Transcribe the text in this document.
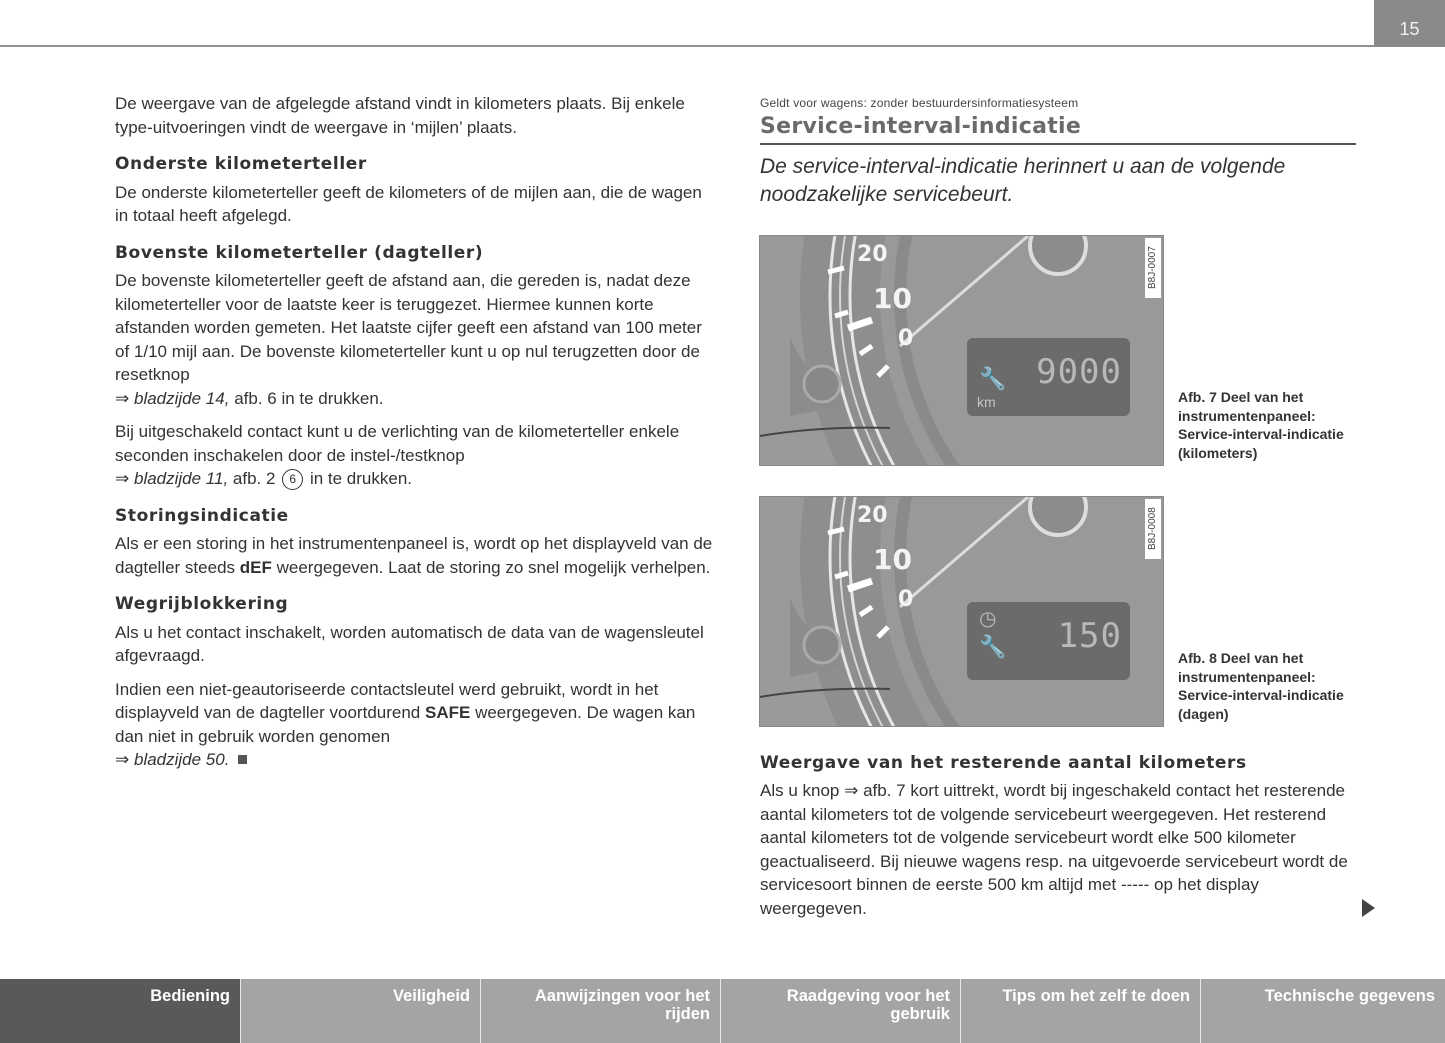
15

De weergave van de afgelegde afstand vindt in kilometers plaats. Bij enkele type-uitvoeringen vindt de weergave in ‘mijlen’ plaats.

Onderste kilometerteller

De onderste kilometerteller geeft de kilometers of de mijlen aan, die de wagen in totaal heeft afgelegd.

Bovenste kilometerteller (dagteller)

De bovenste kilometerteller geeft de afstand aan, die gereden is, nadat deze kilometerteller voor de laatste keer is teruggezet. Hiermee kunnen korte afstanden worden gemeten. Het laatste cijfer geeft een afstand van 100 meter of 1/10 mijl aan. De bovenste kilometerteller kunt u op nul terugzetten door de resetknop
⇒ bladzijde 14, afb. 6 in te drukken.

Bij uitgeschakeld contact kunt u de verlichting van de kilometerteller enkele seconden inschakelen door de instel-/testknop
⇒ bladzijde 11, afb. 2 6 in te drukken.

Storingsindicatie

Als er een storing in het instrumentenpaneel is, wordt op het displayveld van de dagteller steeds dEF weergegeven. Laat de storing zo snel mogelijk verhelpen.

Wegrijblokkering

Als u het contact inschakelt, worden automatisch de data van de wagensleutel afgevraagd.

Indien een niet-geautoriseerde contactsleutel werd gebruikt, wordt in het displayveld van de dagteller voortdurend SAFE weergegeven. De wagen kan dan niet in gebruik worden genomen
⇒ bladzijde 50.

Geldt voor wagens: zonder bestuurdersinformatiesysteem
Service-interval-indicatie

De service-interval-indicatie herinnert u aan de volgende noodzakelijke servicebeurt.

20
10
0
🔧 9000
km
B8J-0007
Afb. 7 Deel van het instrumentenpaneel: Service-interval-indicatie (kilometers)
20
10
0
◷
🔧 150
B8J-0008
Afb. 8 Deel van het instrumentenpaneel: Service-interval-indicatie (dagen)
Weergave van het resterende aantal kilometers

Als u knop ⇒ afb. 7 kort uittrekt, wordt bij ingeschakeld contact het resterende aantal kilometers tot de volgende servicebeurt weergegeven. Het resterend aantal kilometers tot de volgende servicebeurt wordt elke 500 kilometer geactualiseerd. Bij nieuwe wagens resp. na uitgevoerde servicebeurt wordt de servicesoort binnen de eerste 500 km altijd met ----- op het display weergegeven.

Bediening	Veiligheid	Aanwijzingen voor het rijden
Raadgeving voor het gebruik
Tips om het zelf te doen	Technische gegevens
